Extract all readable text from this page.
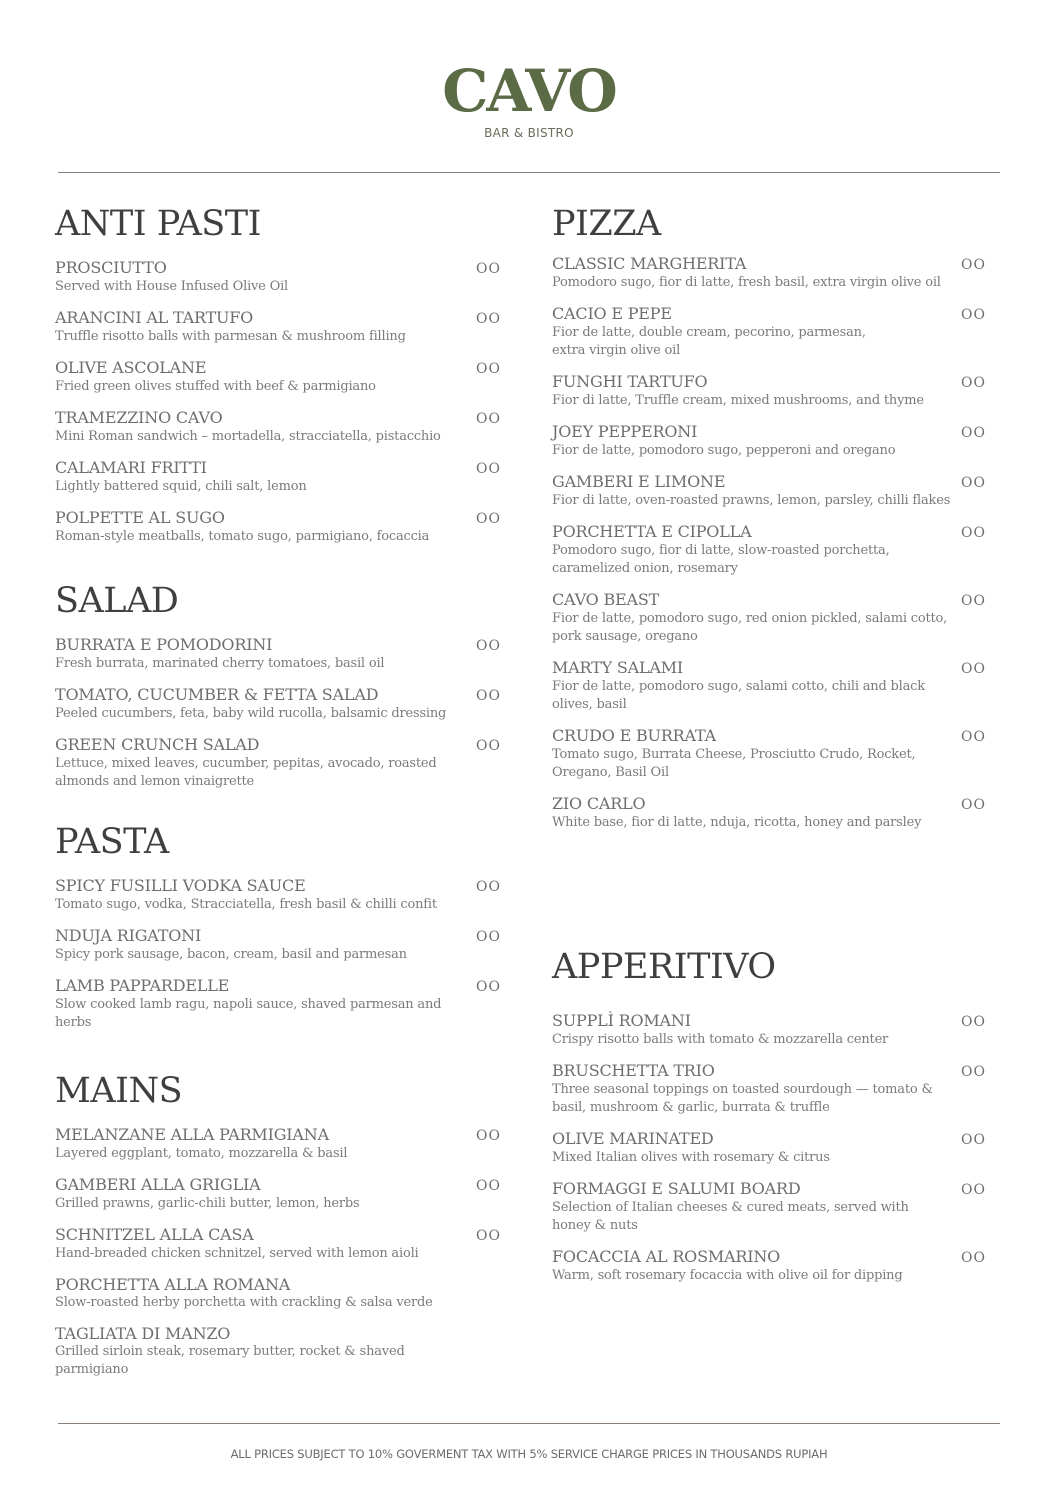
CAVO
BAR & BISTRO
ANTI PASTI
PROSCIUTTO	OO
Served with House Infused Olive Oil
ARANCINI AL TARTUFO	OO
Truffle risotto balls with parmesan & mushroom filling
OLIVE ASCOLANE	OO
Fried green olives stuffed with beef & parmigiano
TRAMEZZINO CAVO	OO
Mini Roman sandwich – mortadella, stracciatella, pistacchio
CALAMARI FRITTI	OO
Lightly battered squid, chili salt, lemon
POLPETTE AL SUGO	OO
Roman-style meatballs, tomato sugo, parmigiano, focaccia
SALAD
BURRATA E POMODORINI	OO
Fresh burrata, marinated cherry tomatoes, basil oil
TOMATO, CUCUMBER & FETTA SALAD	OO
Peeled cucumbers, feta, baby wild rucolla, balsamic dressing
GREEN CRUNCH SALAD	OO
Lettuce, mixed leaves, cucumber, pepitas, avocado, roasted
almonds and lemon vinaigrette
PASTA
SPICY FUSILLI VODKA SAUCE	OO
Tomato sugo, vodka, Stracciatella, fresh basil & chilli confit
NDUJA RIGATONI	OO
Spicy pork sausage, bacon, cream, basil and parmesan
LAMB PAPPARDELLE	OO
Slow cooked lamb ragu, napoli sauce, shaved parmesan and
herbs
MAINS
MELANZANE ALLA PARMIGIANA	OO
Layered eggplant, tomato, mozzarella & basil
GAMBERI ALLA GRIGLIA	OO
Grilled prawns, garlic-chili butter, lemon, herbs
SCHNITZEL ALLA CASA	OO
Hand-breaded chicken schnitzel, served with lemon aioli
PORCHETTA ALLA ROMANA
Slow-roasted herby porchetta with crackling & salsa verde
TAGLIATA DI MANZO
Grilled sirloin steak, rosemary butter, rocket & shaved
parmigiano
PIZZA
CLASSIC MARGHERITA	OO
Pomodoro sugo, fior di latte, fresh basil, extra virgin olive oil
CACIO E PEPE	OO
Fior de latte, double cream, pecorino, parmesan,
extra virgin olive oil
FUNGHI TARTUFO	OO
Fior di latte, Truffle cream, mixed mushrooms, and thyme
JOEY PEPPERONI	OO
Fior de latte, pomodoro sugo, pepperoni and oregano
GAMBERI E LIMONE	OO
Fior di latte, oven-roasted prawns, lemon, parsley, chilli flakes
PORCHETTA E CIPOLLA	OO
Pomodoro sugo, fior di latte, slow-roasted porchetta,
caramelized onion, rosemary
CAVO BEAST	OO
Fior de latte, pomodoro sugo, red onion pickled, salami cotto,
pork sausage, oregano
MARTY SALAMI	OO
Fior de latte, pomodoro sugo, salami cotto, chili and black
olives, basil
CRUDO E BURRATA	OO
Tomato sugo, Burrata Cheese, Prosciutto Crudo, Rocket,
Oregano, Basil Oil
ZIO CARLO	OO
White base, fior di latte, nduja, ricotta, honey and parsley
APPERITIVO
SUPPLÌ ROMANI	OO
Crispy risotto balls with tomato & mozzarella center
BRUSCHETTA TRIO	OO
Three seasonal toppings on toasted sourdough — tomato &
basil, mushroom & garlic, burrata & truffle
OLIVE MARINATED	OO
Mixed Italian olives with rosemary & citrus
FORMAGGI E SALUMI BOARD	OO
Selection of Italian cheeses & cured meats, served with
honey & nuts
FOCACCIA AL ROSMARINO	OO
Warm, soft rosemary focaccia with olive oil for dipping
ALL PRICES SUBJECT TO 10% GOVERMENT TAX WITH 5% SERVICE CHARGE PRICES IN THOUSANDS RUPIAH
